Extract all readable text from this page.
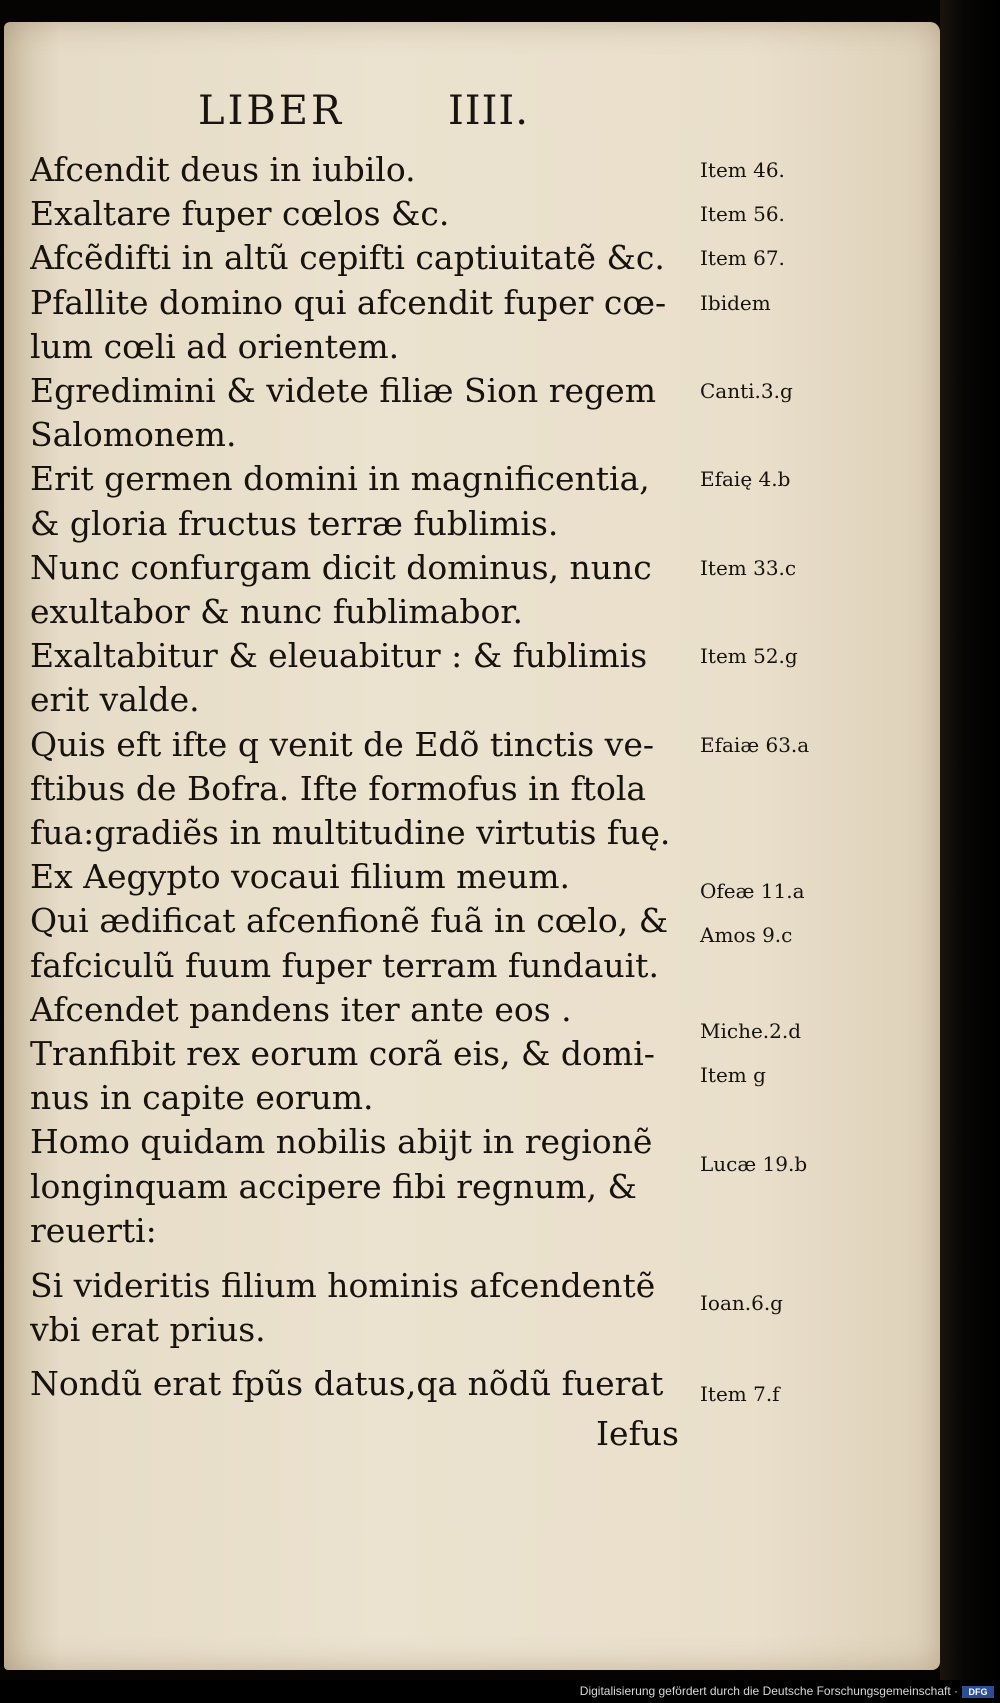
LIBER	IIII.
Afcendit deus in iubilo.
Exaltare fuper cœlos &c.
Afcẽdifti in altũ cepifti captiuitatẽ &c.
Pfallite domino qui afcendit fuper cœ-
lum cœli ad orientem.
Egredimini & videte filiæ Sion regem
Salomonem.
Erit germen domini in magnificentia,
& gloria fructus terræ fublimis.
Nunc confurgam dicit dominus, nunc
exultabor & nunc fublimabor.
Exaltabitur & eleuabitur : & fublimis
erit valde.
Quis eft ifte q venit de Edõ tinctis ve-
ftibus de Bofra. Ifte formofus in ftola
fua:gradiẽs in multitudine virtutis fuę.
Ex Aegypto vocaui filium meum.
Qui ædificat afcenfionẽ fuã in cœlo, &
fafciculũ fuum fuper terram fundauit.
Afcendet pandens iter ante eos .
Tranfibit rex eorum corã eis, & domi-
nus in capite eorum.
Homo quidam nobilis abijt in regionẽ
longinquam accipere fibi regnum, &
reuerti:
Si videritis filium hominis afcendentẽ
vbi erat prius.
Nondũ erat fpũs datus,qa nõdũ fuerat
Item 46.
Item 56.
Item 67.
Ibidem
Canti.3.g
Efaię 4.b
Item 33.c
Item 52.g
Efaiæ 63.a
Ofeæ 11.a
Amos 9.c
Miche.2.d
Item g
Lucæ 19.b
Ioan.6.g
Item 7.f
Iefus
Digitalisierung gefördert durch die Deutsche Forschungsgemeinschaft ·	DFG
